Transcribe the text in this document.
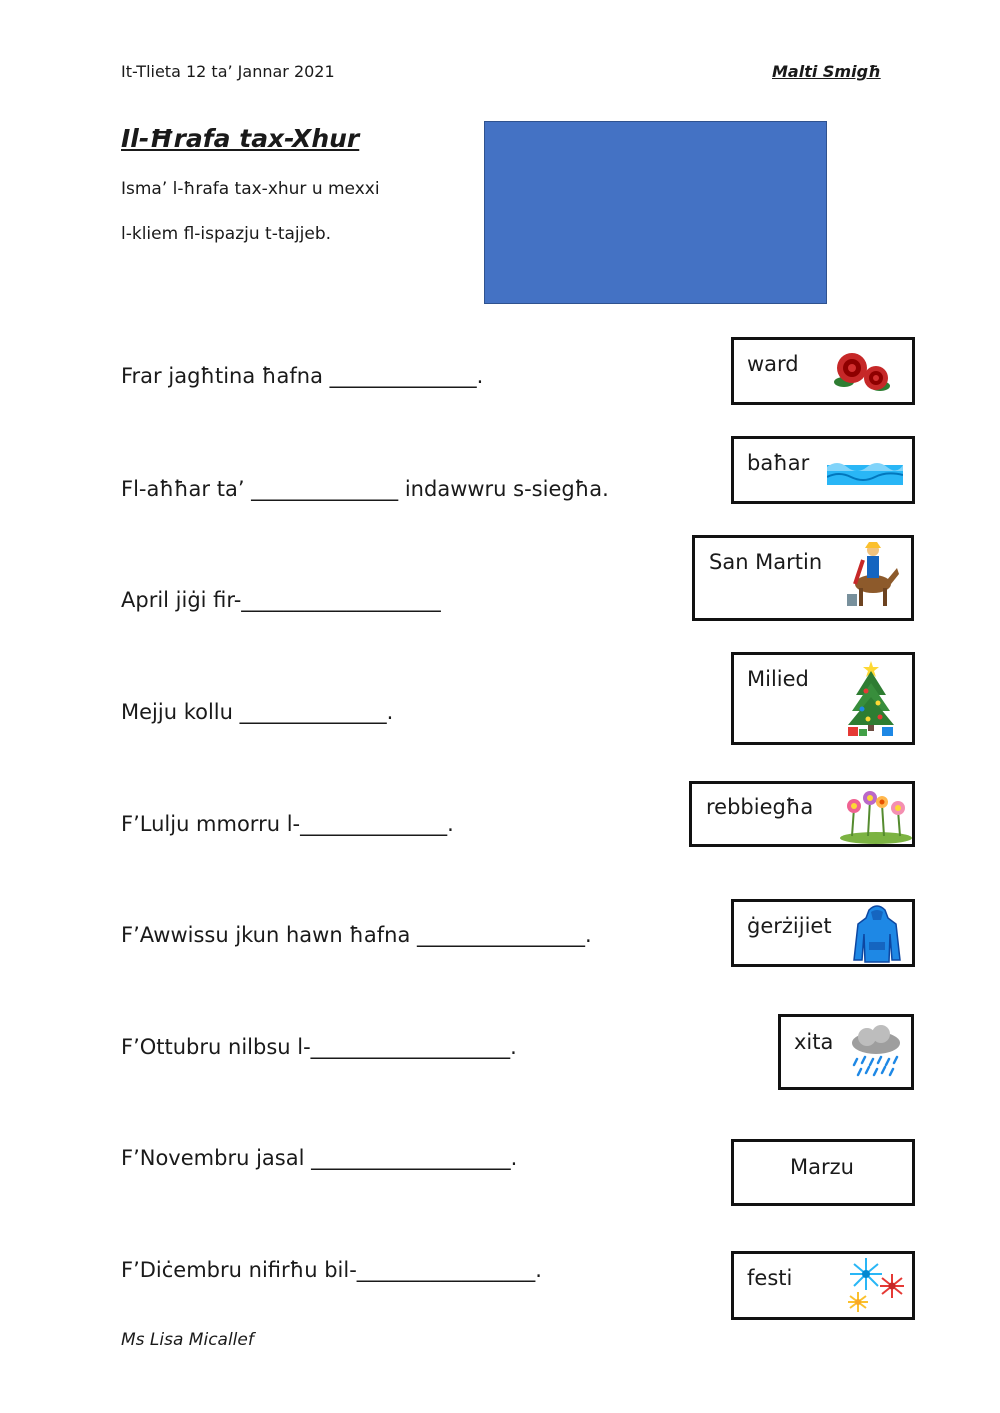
It-Tlieta 12 ta’ Jannar 2021	Malti Smigħ
Il-Ħrafa tax-Xhur
Isma’ l-ħrafa tax-xhur u mexxi
l-kliem fl-ispazju t-tajjeb.
Frar jagħtina ħafna ______________.
Fl-aħħar ta’ ______________ indawwru s-siegħa.
April jiġi fir-___________________
Mejju kollu ______________.
F’Lulju mmorru l-______________.
F’Awwissu jkun hawn ħafna ________________.
F’Ottubru nilbsu l-___________________.
F’Novembru jasal ___________________.
F’Diċembru nifirħu bil-_________________.
ward
baħar
San Martin
Milied
rebbiegħa
ġerżijiet
xita
Marzu
festi
Ms Lisa Micallef
